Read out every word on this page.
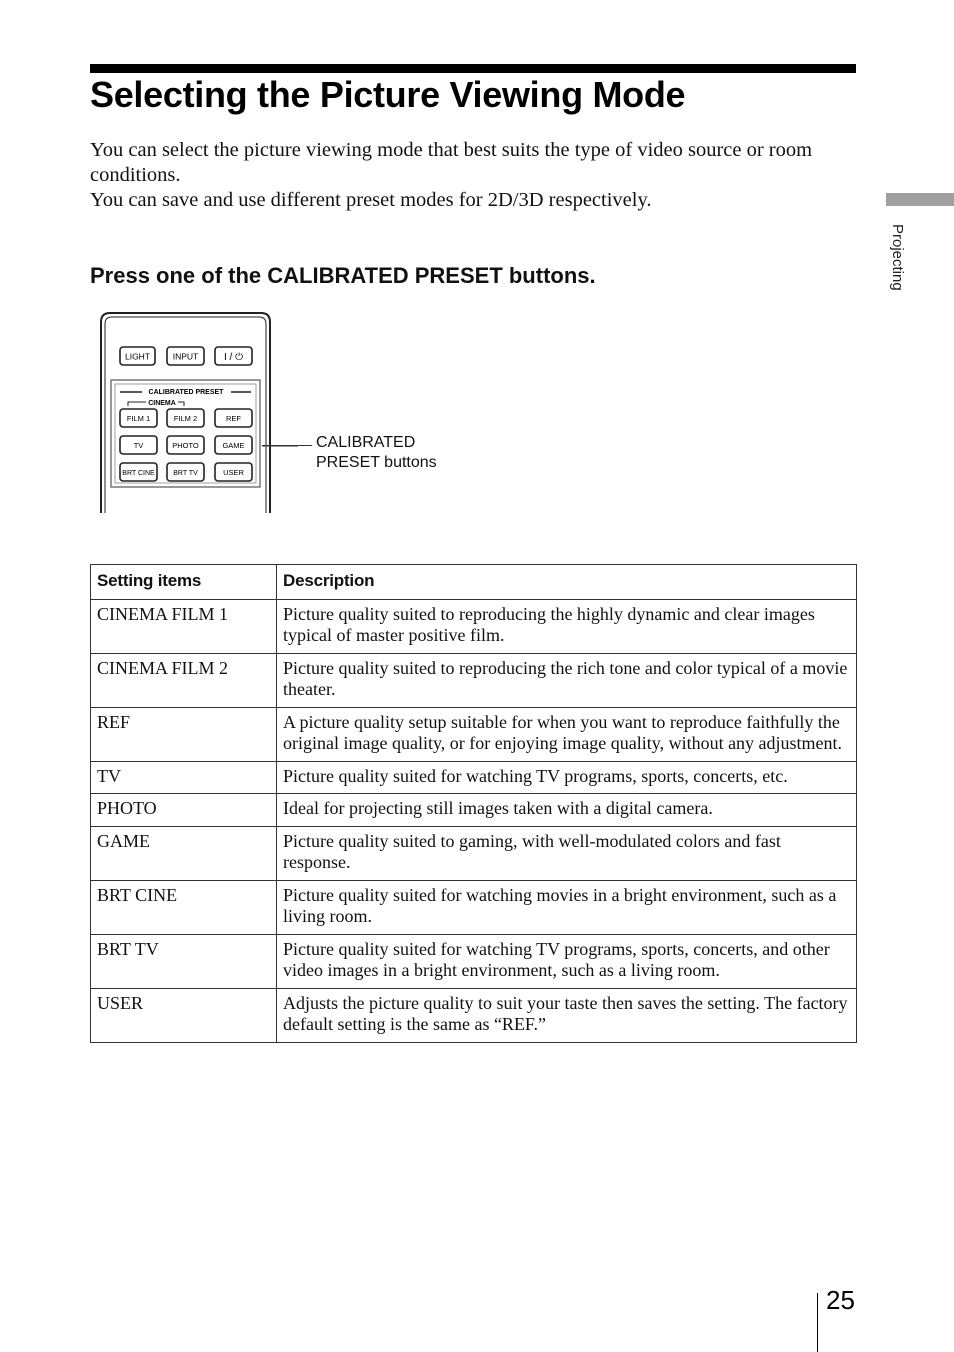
Selecting the Picture Viewing Mode

You can select the picture viewing mode that best suits the type of video source or room conditions.

You can save and use different preset modes for 2D/3D respectively.

Press one of the CALIBRATED PRESET buttons.	Projecting
LIGHT	INPUT	I / ⏻
CALIBRATED PRESET
CINEMA
FILM 1	FILM 2	REF
TV	PHOTO	GAME
BRT CINE	BRT TV	USER
CALIBRATED
PRESET buttons
Setting items	Description
CINEMA FILM 1	Picture quality suited to reproducing the highly dynamic and clear images typical of master positive film.
CINEMA FILM 2	Picture quality suited to reproducing the rich tone and color typical of a movie theater.
REF	A picture quality setup suitable for when you want to reproduce faithfully the original image quality, or for enjoying image quality, without any adjustment.
TV	Picture quality suited for watching TV programs, sports, concerts, etc.
PHOTO	Ideal for projecting still images taken with a digital camera.
GAME	Picture quality suited to gaming, with well-modulated colors and fast response.
BRT CINE	Picture quality suited for watching movies in a bright environment, such as a living room.
BRT TV	Picture quality suited for watching TV programs, sports, concerts, and other video images in a bright environment, such as a living room.
USER	Adjusts the picture quality to suit your taste then saves the setting. The factory default setting is the same as “REF.”
25
